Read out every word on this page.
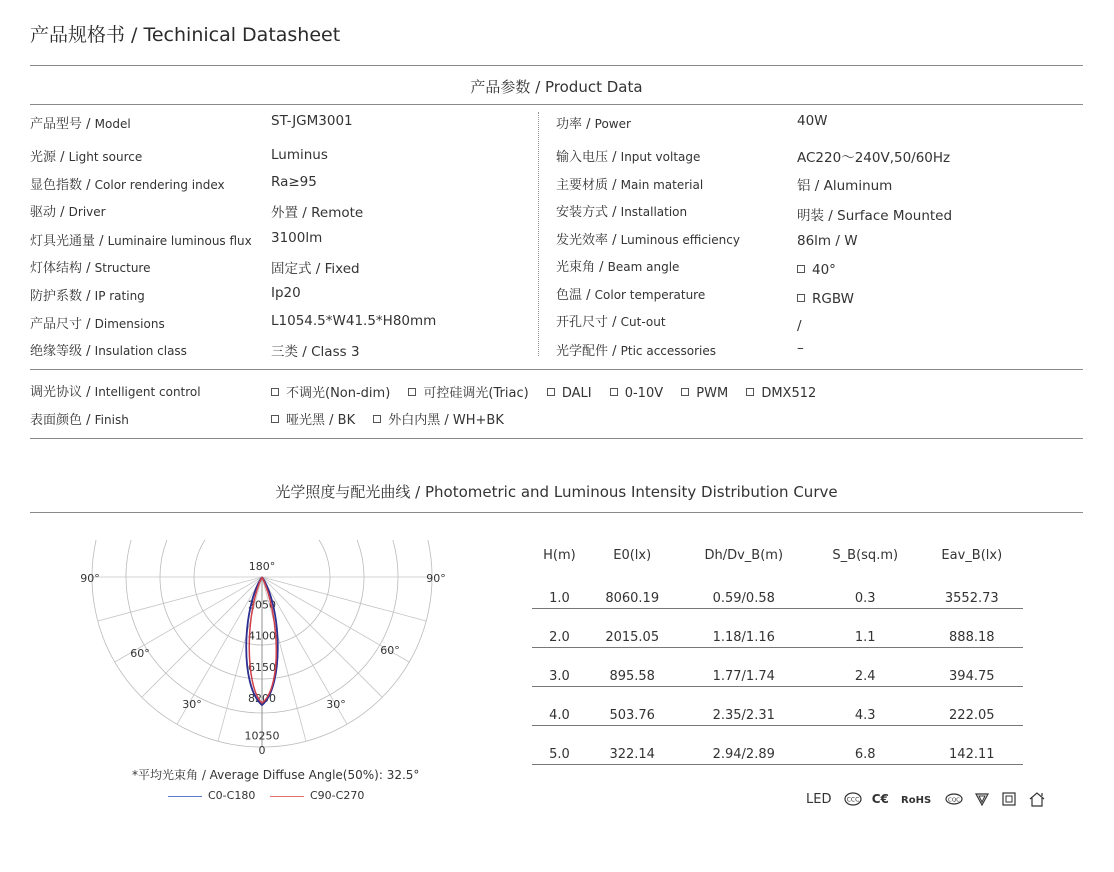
产品规格书 / Techinical Datasheet
产品参数 / Product Data
产品型号 / Model	ST-JGM3001
光源 / Light source	Luminus
显色指数 / Color rendering index	Ra≥95
驱动 / Driver	外置 / Remote
灯具光通量 / Luminaire luminous flux 3100lm
灯体结构 / Structure	固定式 / Fixed
防护系数 / IP rating	Ip20
产品尺寸 / Dimensions	L1054.5*W41.5*H80mm
绝缘等级 / Insulation class	三类 / Class 3
功率 / Power	40W
输入电压 / Input voltage	AC220～240V,50/60Hz
主要材质 / Main material	铝 / Aluminum
安装方式 / Installation	明装 / Surface Mounted
发光效率 / Luminous efficiency	86lm / W
光束角 / Beam angle	40°
色温 / Color temperature	RGBW
开孔尺寸 / Cut-out	/
光学配件 / Ptic accessories	–
调光协议 / Intelligent control	不调光(Non-dim)	可控硅调光(Triac)	DALI	0-10V	PWM	DMX512
表面颜色 / Finish	哑光黑 / BK	外白内黑 / WH+BK
光学照度与配光曲线 / Photometric and Luminous Intensity Distribution Curve
180°
90°	90°
60°	60°
30°	30°
0
2050
4100
6150
8200
10250
*平均光束角 / Average Diffuse Angle(50%): 32.5°
C0-C180	C90-C270
H(m)	E0(lx)	Dh/Dv_B(m)	S_B(sq.m)	Eav_B(lx)
1.0	8060.19	0.59/0.58	0.3	3552.73
2.0	2015.05	1.18/1.16	1.1	888.18
3.0	895.58	1.77/1.74	2.4	394.75
4.0	503.76	2.35/2.31	4.3	222.05
5.0	322.14	2.94/2.89	6.8	142.11
LED CCC C€ RoHS	CQC
